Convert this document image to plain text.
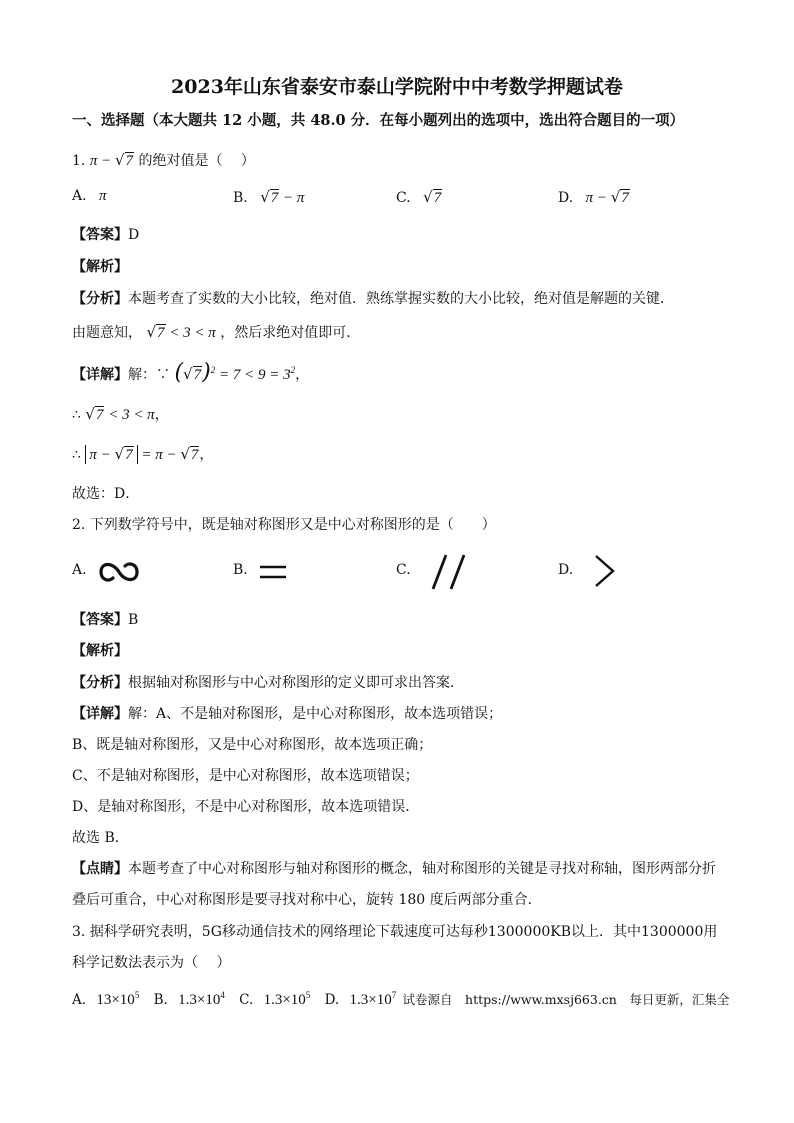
2023年山东省泰安市泰山学院附中中考数学押题试卷
一、选择题（本大题共 12 小题，共 48.0 分．在每小题列出的选项中，选出符合题目的一项）
1. π − √7 的绝对值是（　 ）
A. π	B. √7 − π	C. √7	D. π − √7
【答案】D
【解析】
【分析】本题考查了实数的大小比较，绝对值．熟练掌握实数的大小比较，绝对值是解题的关键．
由题意知， √7 < 3 < π ，然后求绝对值即可．
【详解】解：∵ $(√7)^2 = 7 < 9 = 3^2$，
∴ √7 < 3 < π，
∴ π − √7 = π − √7，
故选：D．
2. 下列数学符号中，既是轴对称图形又是中心对称图形的是（　　）
A.	B.	C.	D.
【答案】B
【解析】
【分析】根据轴对称图形与中心对称图形的定义即可求出答案．
【详解】解：A、不是轴对称图形，是中心对称图形，故本选项错误；
B、既是轴对称图形，又是中心对称图形，故本选项正确；
C、不是轴对称图形，是中心对称图形，故本选项错误；
D、是轴对称图形，不是中心对称图形，故本选项错误．
故选 B．
【点睛】本题考查了中心对称图形与轴对称图形的概念，轴对称图形的关键是寻找对称轴，图形两部分折
叠后可重合，中心对称图形是要寻找对称中心，旋转 180 度后两部分重合．
3. 据科学研究表明，5G移动通信技术的网络理论下载速度可达每秒1300000KB以上．其中1300000用
科学记数法表示为（　 ）
A. $13\times 10^5$ B. $1.3\times 10^4$ C. $1.3\times 10^5$ D. $1.3\times 10^7$ 试卷源自　https://www.mxsj663.cn　每日更新，汇集全
